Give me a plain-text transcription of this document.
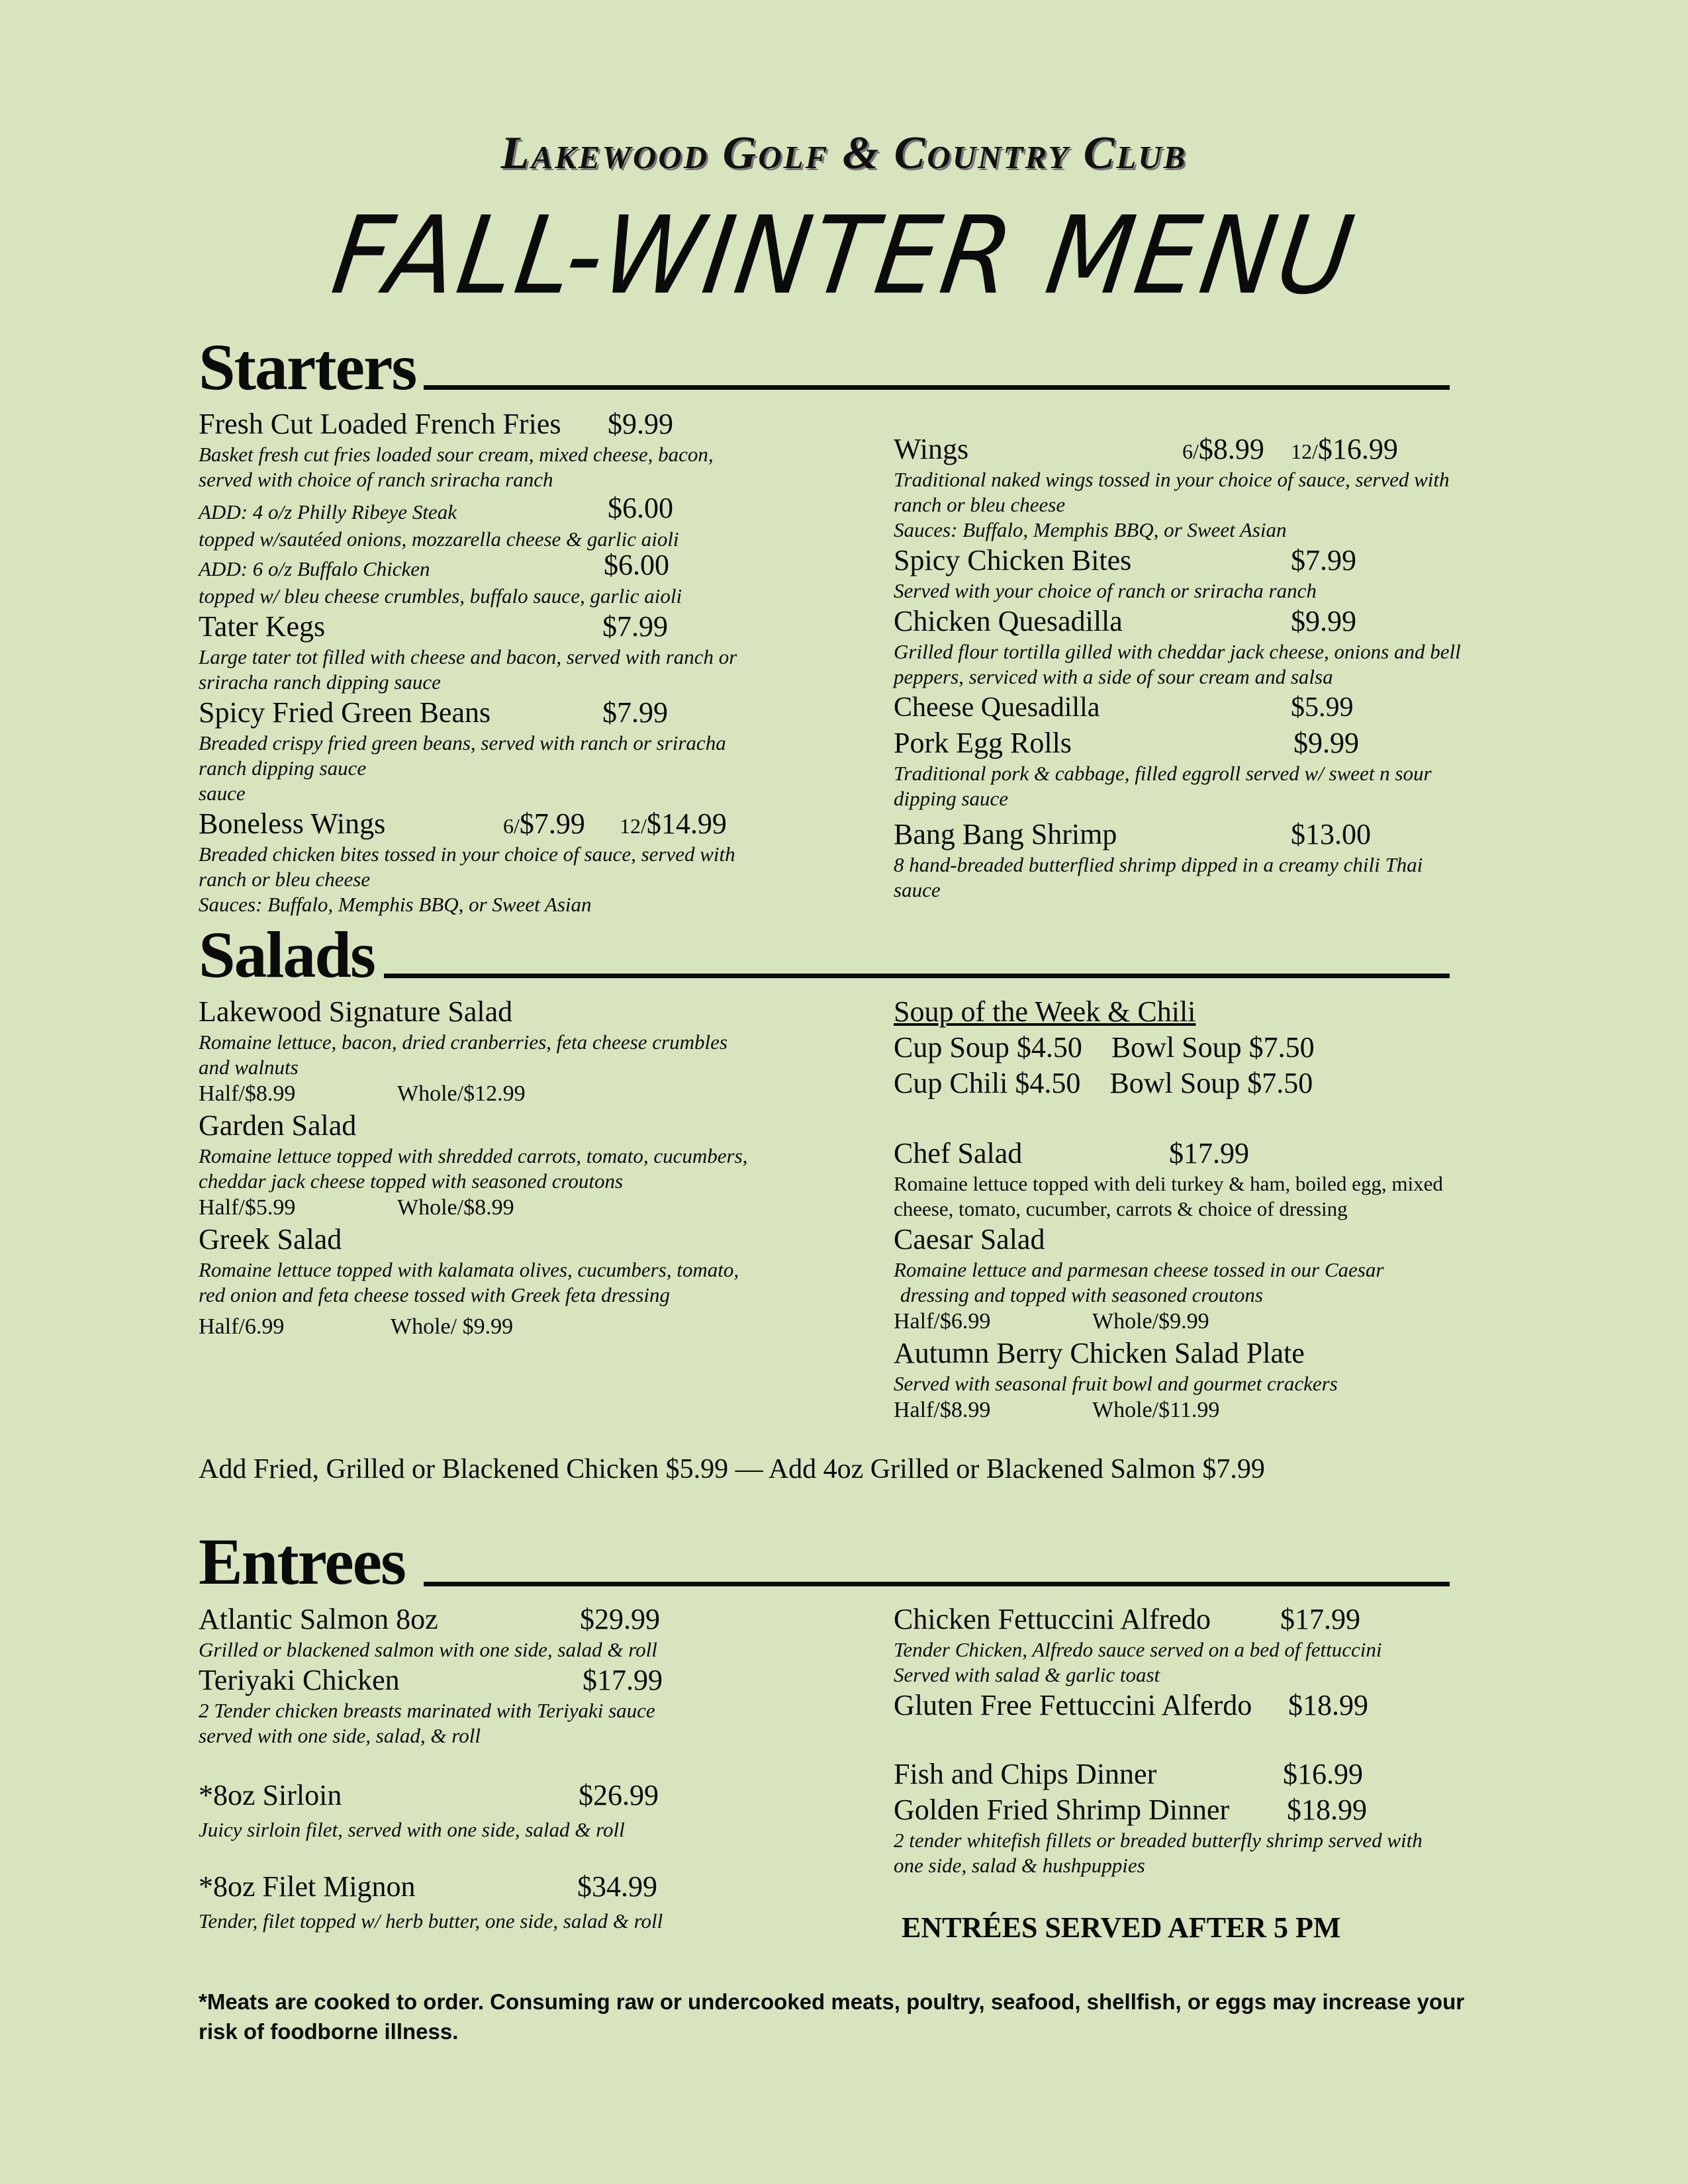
Lakewood Golf & Country Club
FALL-WINTER MENU
Starters
Fresh Cut Loaded French Fries $9.99
Basket fresh cut fries loaded sour cream, mixed cheese, bacon,
served with choice of ranch sriracha ranch
ADD: 4 o/z Philly Ribeye Steak	$6.00
topped w/sautéed onions, mozzarella cheese & garlic aioli
ADD: 6 o/z Buffalo Chicken	$6.00
topped w/ bleu cheese crumbles, buffalo sauce, garlic aioli
Tater Kegs	$7.99
Large tater tot filled with cheese and bacon, served with ranch or
sriracha ranch dipping sauce
Spicy Fried Green Beans	$7.99
Breaded crispy fried green beans, served with ranch or sriracha
ranch dipping sauce
sauce
Boneless Wings	6/$7.99 12/$14.99
Breaded chicken bites tossed in your choice of sauce, served with
ranch or bleu cheese
Sauces: Buffalo, Memphis BBQ, or Sweet Asian
Wings	6/$8.99 12/$16.99
Traditional naked wings tossed in your choice of sauce, served with
ranch or bleu cheese
Sauces: Buffalo, Memphis BBQ, or Sweet Asian
Spicy Chicken Bites	$7.99
Served with your choice of ranch or sriracha ranch
Chicken Quesadilla	$9.99
Grilled flour tortilla gilled with cheddar jack cheese, onions and bell
peppers, serviced with a side of sour cream and salsa
Cheese Quesadilla	$5.99
Pork Egg Rolls	$9.99
Traditional pork & cabbage, filled eggroll served w/ sweet n sour
dipping sauce
Bang Bang Shrimp	$13.00
8 hand-breaded butterflied shrimp dipped in a creamy chili Thai
sauce
Salads
Lakewood Signature Salad
Romaine lettuce, bacon, dried cranberries, feta cheese crumbles
and walnuts
Half/$8.99	Whole/$12.99
Garden Salad
Romaine lettuce topped with shredded carrots, tomato, cucumbers,
cheddar jack cheese topped with seasoned croutons
Half/$5.99	Whole/$8.99
Greek Salad
Romaine lettuce topped with kalamata olives, cucumbers, tomato,
red onion and feta cheese tossed with Greek feta dressing
Half/6.99	Whole/ $9.99
Soup of the Week & Chili
Cup Soup $4.50    Bowl Soup $7.50
Cup Chili $4.50    Bowl Soup $7.50
Chef Salad	$17.99
Romaine lettuce topped with deli turkey & ham, boiled egg, mixed
cheese, tomato, cucumber, carrots & choice of dressing
Caesar Salad
Romaine lettuce and parmesan cheese tossed in our Caesar
dressing and topped with seasoned croutons
Half/$6.99	Whole/$9.99
Autumn Berry Chicken Salad Plate
Served with seasonal fruit bowl and gourmet crackers
Half/$8.99	Whole/$11.99
Add Fried, Grilled or Blackened Chicken $5.99 — Add 4oz Grilled or Blackened Salmon $7.99
Entrees
Atlantic Salmon 8oz	$29.99
Grilled or blackened salmon with one side, salad & roll
Teriyaki Chicken	$17.99
2 Tender chicken breasts marinated with Teriyaki sauce
served with one side, salad, & roll
*8oz Sirloin	$26.99
Juicy sirloin filet, served with one side, salad & roll
*8oz Filet Mignon	$34.99
Tender, filet topped w/ herb butter, one side, salad & roll
Chicken Fettuccini Alfredo $17.99
Tender Chicken, Alfredo sauce served on a bed of fettuccini
Served with salad & garlic toast
Gluten Free Fettuccini Alferdo $18.99
Fish and Chips Dinner	$16.99
Golden Fried Shrimp Dinner $18.99
2 tender whitefish fillets or breaded butterfly shrimp served with
one side, salad & hushpuppies
ENTRÉES SERVED AFTER 5 PM
*Meats are cooked to order. Consuming raw or undercooked meats, poultry, seafood, shellfish, or eggs may increase your risk of foodborne illness.
